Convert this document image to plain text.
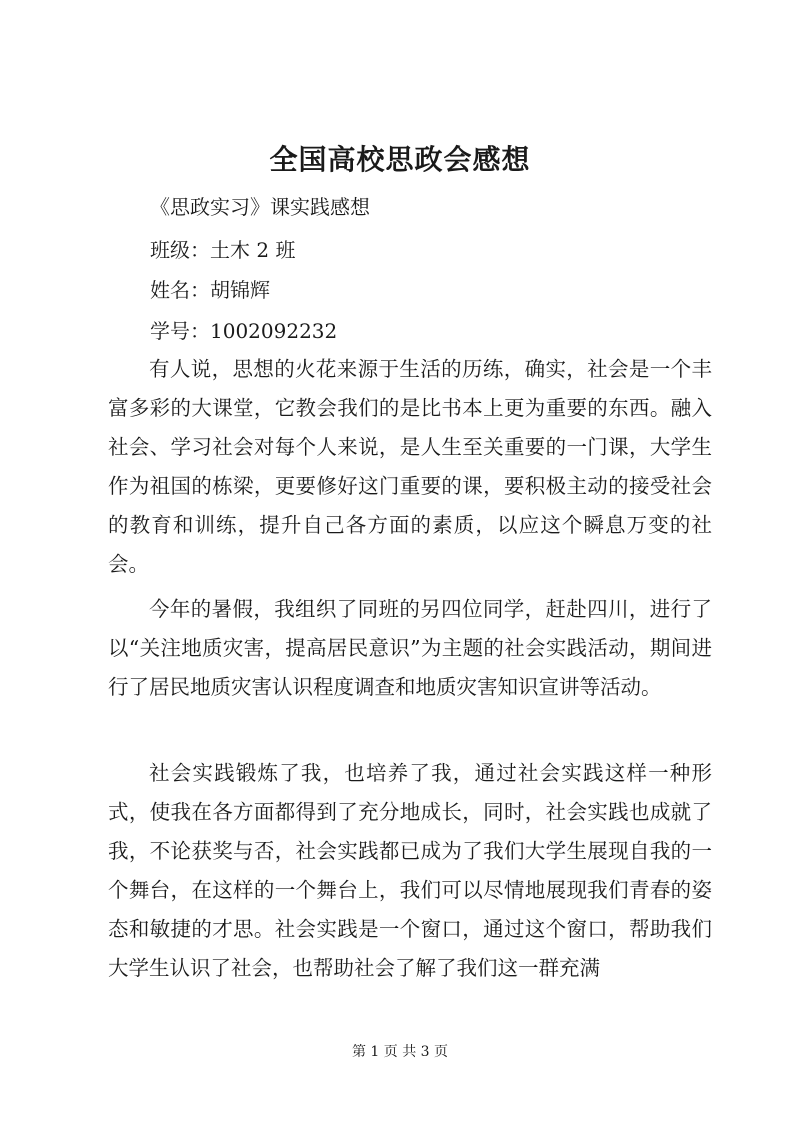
全国高校思政会感想
《思政实习》课实践感想
班级：土木 2 班
姓名：胡锦辉
学号：1002092232

有人说，思想的火花来源于生活的历练，确实，社会是一个丰富多彩的大课堂，它教会我们的是比书本上更为重要的东西。融入社会、学习社会对每个人来说，是人生至关重要的一门课，大学生作为祖国的栋梁，更要修好这门重要的课，要积极主动的接受社会的教育和训练，提升自己各方面的素质，以应这个瞬息万变的社会。

今年的暑假，我组织了同班的另四位同学，赶赴四川，进行了以“关注地质灾害，提高居民意识”为主题的社会实践活动，期间进行了居民地质灾害认识程度调查和地质灾害知识宣讲等活动。

社会实践锻炼了我，也培养了我，通过社会实践这样一种形式，使我在各方面都得到了充分地成长，同时，社会实践也成就了我，不论获奖与否，社会实践都已成为了我们大学生展现自我的一个舞台，在这样的一个舞台上，我们可以尽情地展现我们青春的姿态和敏捷的才思。社会实践是一个窗口，通过这个窗口，帮助我们大学生认识了社会，也帮助社会了解了我们这一群充满

第 1 页 共 3 页
